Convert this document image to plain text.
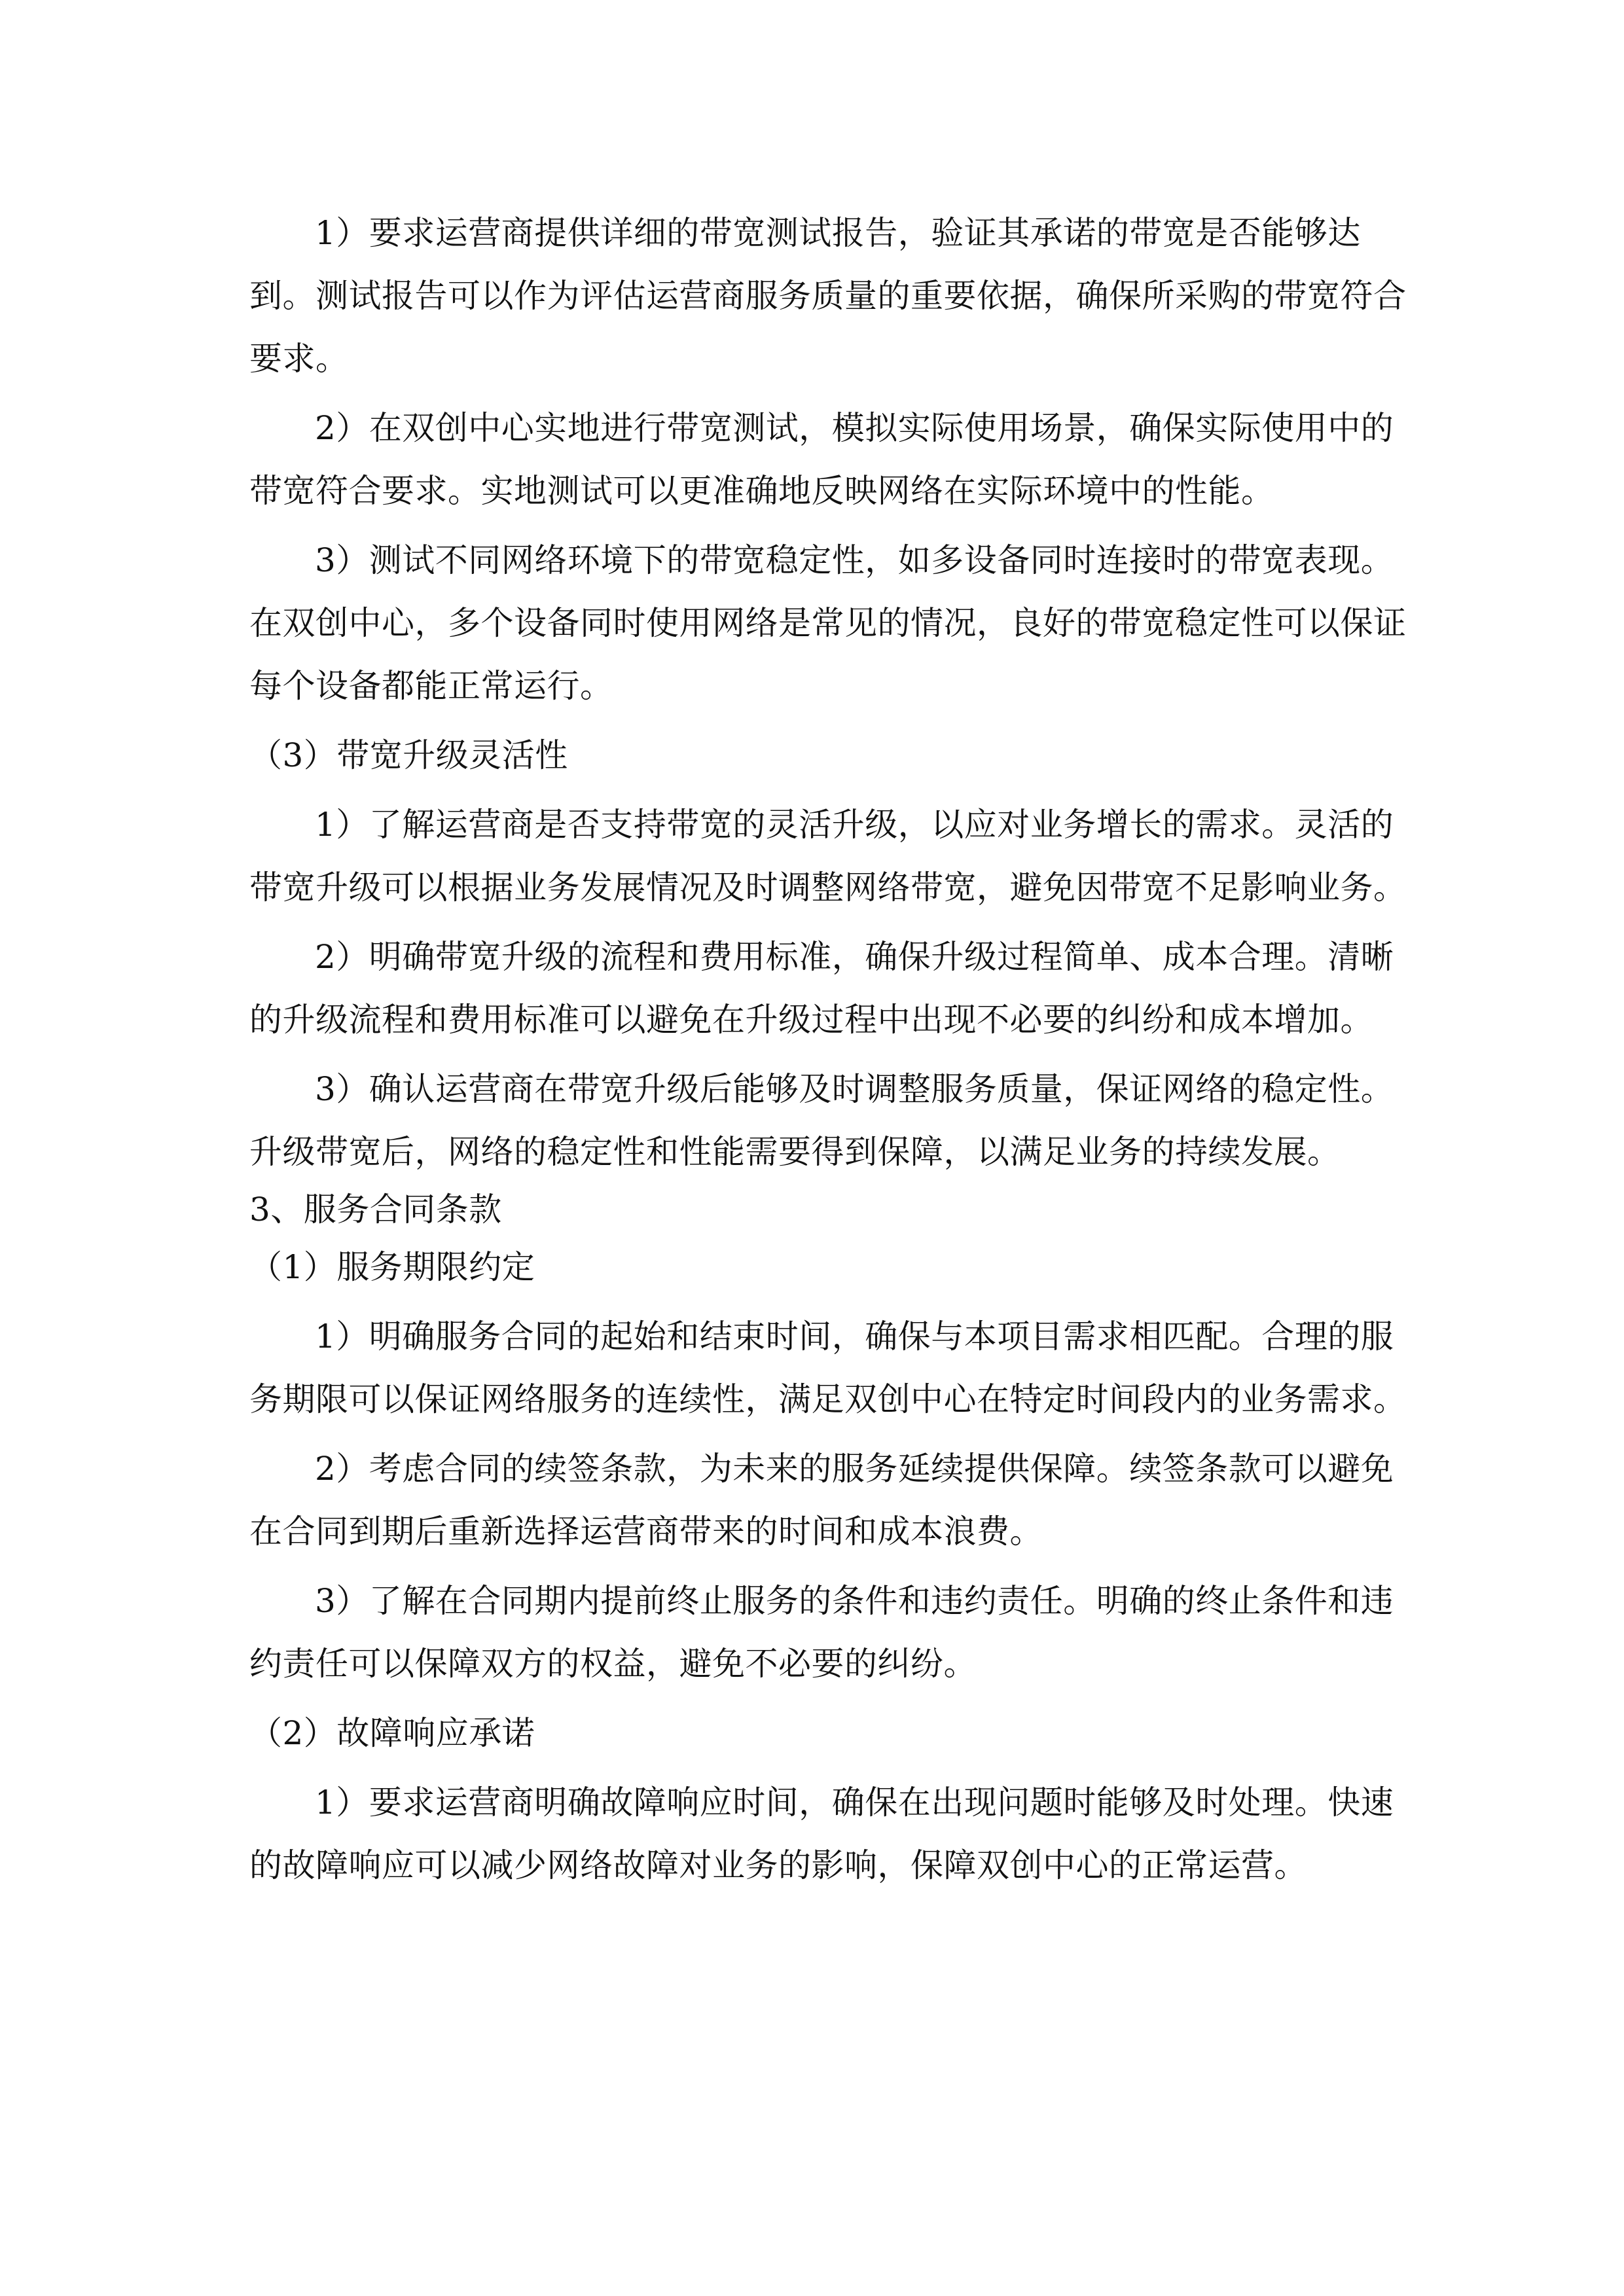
1）要求运营商提供详细的带宽测试报告，验证其承诺的带宽是否能够达到。测试报告可以作为评估运营商服务质量的重要依据，确保所采购的带宽符合要求。

2）在双创中心实地进行带宽测试，模拟实际使用场景，确保实际使用中的带宽符合要求。实地测试可以更准确地反映网络在实际环境中的性能。

3）测试不同网络环境下的带宽稳定性，如多设备同时连接时的带宽表现。在双创中心，多个设备同时使用网络是常见的情况，良好的带宽稳定性可以保证每个设备都能正常运行。

（3）带宽升级灵活性

1）了解运营商是否支持带宽的灵活升级，以应对业务增长的需求。灵活的带宽升级可以根据业务发展情况及时调整网络带宽，避免因带宽不足影响业务。

2）明确带宽升级的流程和费用标准，确保升级过程简单、成本合理。清晰的升级流程和费用标准可以避免在升级过程中出现不必要的纠纷和成本增加。

3）确认运营商在带宽升级后能够及时调整服务质量，保证网络的稳定性。升级带宽后，网络的稳定性和性能需要得到保障，以满足业务的持续发展。

3、服务合同条款

（1）服务期限约定

1）明确服务合同的起始和结束时间，确保与本项目需求相匹配。合理的服务期限可以保证网络服务的连续性，满足双创中心在特定时间段内的业务需求。

2）考虑合同的续签条款，为未来的服务延续提供保障。续签条款可以避免在合同到期后重新选择运营商带来的时间和成本浪费。

3）了解在合同期内提前终止服务的条件和违约责任。明确的终止条件和违约责任可以保障双方的权益，避免不必要的纠纷。

（2）故障响应承诺

1）要求运营商明确故障响应时间，确保在出现问题时能够及时处理。快速的故障响应可以减少网络故障对业务的影响，保障双创中心的正常运营。
